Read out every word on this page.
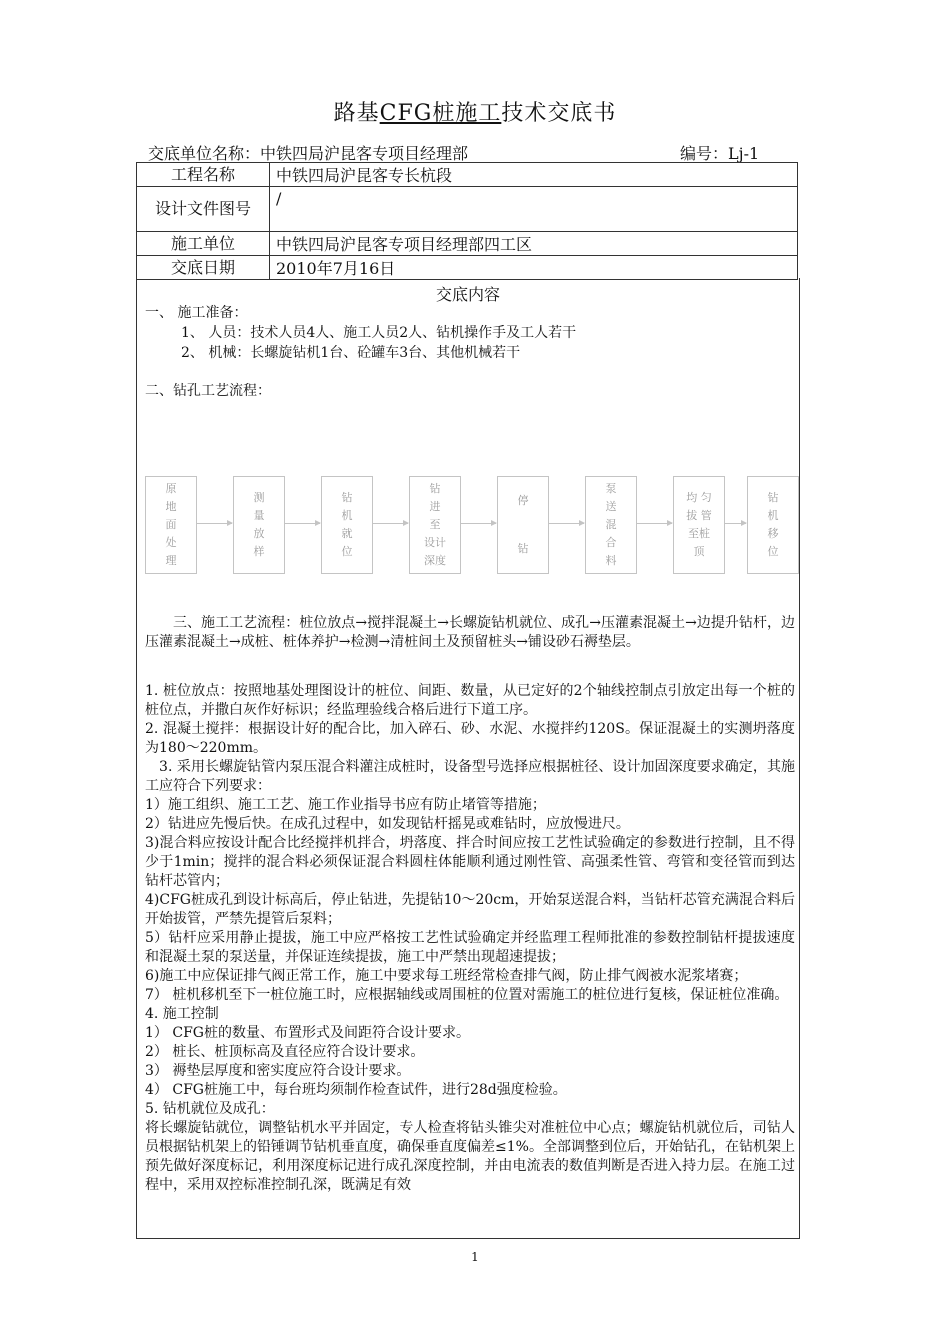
路基CFG桩施工技术交底书
交底单位名称：中铁四局沪昆客专项目经理部	编号：Lj-1
工程名称	中铁四局沪昆客专长杭段
设计文件图号	/
施工单位	中铁四局沪昆客专项目经理部四工区
交底日期	2010年7月16日
交底内容
一、 施工准备：
1、 人员：技术人员4人、施工人员2人、钻机操作手及工人若干
2、 机械：长螺旋钻机1台、砼罐车3台、其他机械若干
二、钻孔工艺流程：
原
地
面
处
理
测
量
放
样
钻
机
就
位
钻
进
至
设计
深度
停
钻
泵
送
混
合
料
均 匀
拔 管
至桩
顶
钻
机
移
位
三、施工工艺流程：桩位放点→搅拌混凝土→长螺旋钻机就位、成孔→压灌素混凝土→边提升钻杆，边压灌素混凝土→成桩、桩体养护→检测→清桩间土及预留桩头→铺设砂石褥垫层。
1. 桩位放点：按照地基处理图设计的桩位、间距、数量，从已定好的2个轴线控制点引放定出每一个桩的桩位点，并撒白灰作好标识；经监理验线合格后进行下道工序。
2. 混凝土搅拌：根据设计好的配合比，加入碎石、砂、水泥、水搅拌约120S。保证混凝土的实测坍落度为180～220mm。
　3. 采用长螺旋钻管内泵压混合料灌注成桩时，设备型号选择应根据桩径、设计加固深度要求确定，其施工应符合下列要求：
1）施工组织、施工工艺、施工作业指导书应有防止堵管等措施；
2）钻进应先慢后快。在成孔过程中，如发现钻杆摇晃或难钻时，应放慢进尺。
3)混合料应按设计配合比经搅拌机拌合，坍落度、拌合时间应按工艺性试验确定的参数进行控制，且不得少于1min；搅拌的混合料必须保证混合料圆柱体能顺利通过刚性管、高强柔性管、弯管和变径管而到达钻杆芯管内；
4)CFG桩成孔到设计标高后，停止钻进，先提钻10～20cm，开始泵送混合料，当钻杆芯管充满混合料后开始拔管，严禁先提管后泵料；
5）钻杆应采用静止提拔，施工中应严格按工艺性试验确定并经监理工程师批准的参数控制钻杆提拔速度和混凝土泵的泵送量，并保证连续提拔，施工中严禁出现超速提拔；
6)施工中应保证排气阀正常工作，施工中要求每工班经常检查排气阀，防止排气阀被水泥浆堵赛；
7） 桩机移机至下一桩位施工时，应根据轴线或周围桩的位置对需施工的桩位进行复核，保证桩位准确。
4. 施工控制
1） CFG桩的数量、布置形式及间距符合设计要求。
2） 桩长、桩顶标高及直径应符合设计要求。
3） 褥垫层厚度和密实度应符合设计要求。
4） CFG桩施工中，每台班均须制作检查试件，进行28d强度检验。
5. 钻机就位及成孔：
将长螺旋钻就位，调整钻机水平并固定，专人检查将钻头锥尖对准桩位中心点；螺旋钻机就位后，司钻人员根据钻机架上的铅锤调节钻机垂直度，确保垂直度偏差≤1%。全部调整到位后，开始钻孔，在钻机架上预先做好深度标记，利用深度标记进行成孔深度控制，并由电流表的数值判断是否进入持力层。在施工过程中，采用双控标准控制孔深，既满足有效
1
